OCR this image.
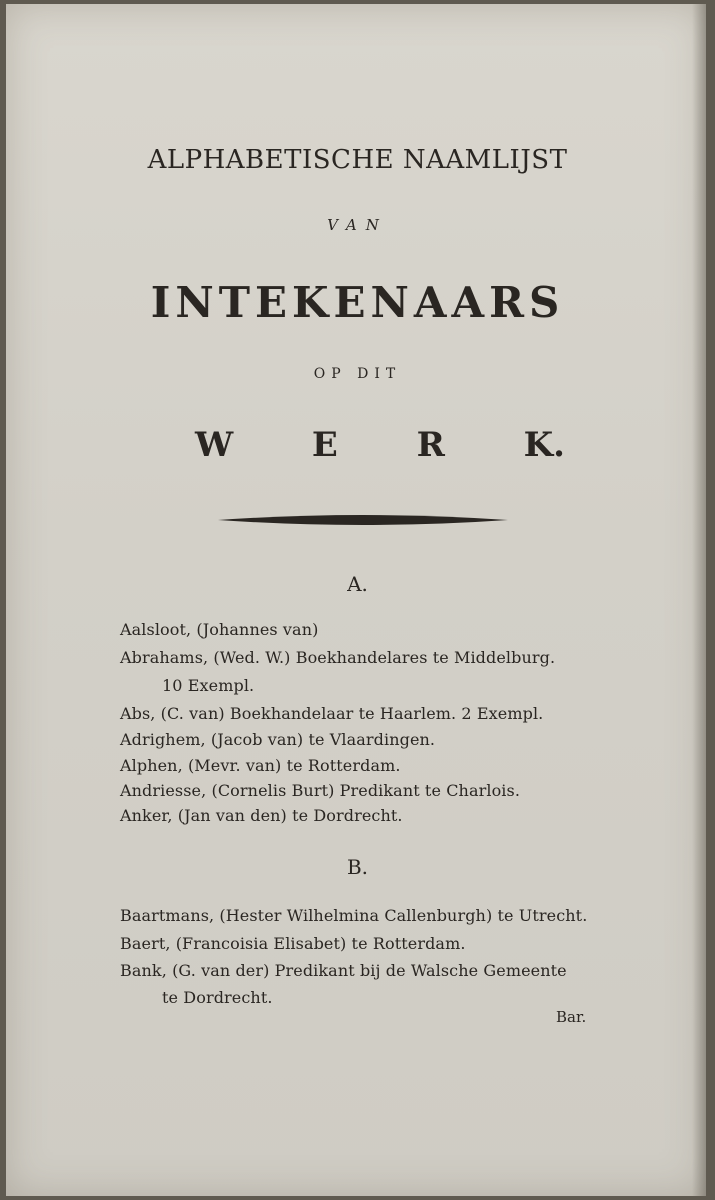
ALPHABETISCHE NAAMLIJST
VAN
INTEKENAARS
OP DIT
W E R K.
A.
Aalsloot, (Johannes van)
Abrahams, (Wed. W.) Boekhandelares te Middelburg.
10 Exempl.
Abs, (C. van) Boekhandelaar te Haarlem. 2 Exempl.
Adrighem, (Jacob van) te Vlaardingen.
Alphen, (Mevr. van) te Rotterdam.
Andriesse, (Cornelis Burt) Predikant te Charlois.
Anker, (Jan van den) te Dordrecht.
B.
Baartmans, (Hester Wilhelmina Callenburgh) te Utrecht.
Baert, (Francoisia Elisabet) te Rotterdam.
Bank, (G. van der) Predikant bij de Walsche Gemeente
te Dordrecht.
Bar.
